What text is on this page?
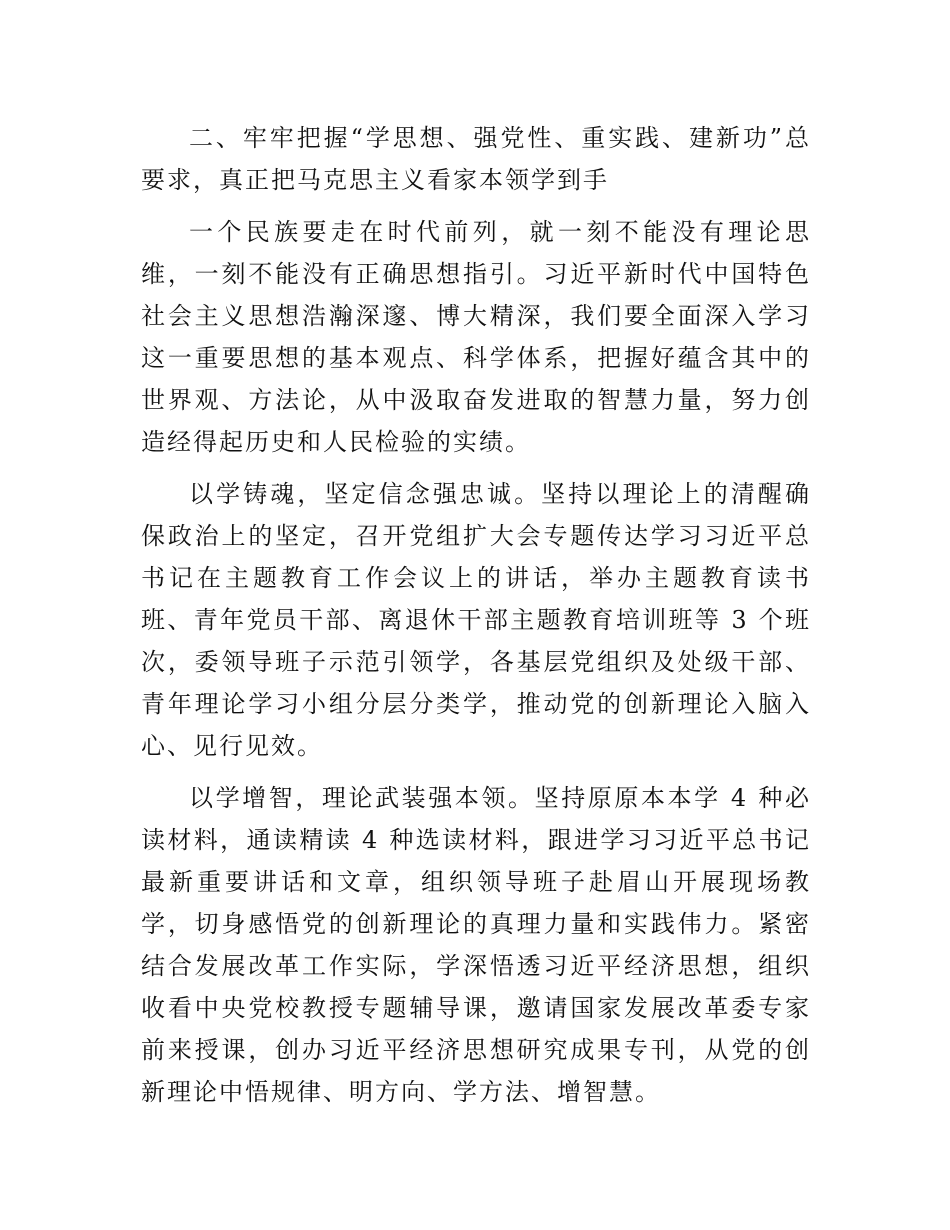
二、牢牢把握“学思想、强党性、重实践、建新功”总要求，真正把马克思主义看家本领学到手

一个民族要走在时代前列，就一刻不能没有理论思维，一刻不能没有正确思想指引。习近平新时代中国特色社会主义思想浩瀚深邃、博大精深，我们要全面深入学习这一重要思想的基本观点、科学体系，把握好蕴含其中的世界观、方法论，从中汲取奋发进取的智慧力量，努力创造经得起历史和人民检验的实绩。

以学铸魂，坚定信念强忠诚。坚持以理论上的清醒确保政治上的坚定，召开党组扩大会专题传达学习习近平总书记在主题教育工作会议上的讲话，举办主题教育读书班、青年党员干部、离退休干部主题教育培训班等 3 个班次，委领导班子示范引领学，各基层党组织及处级干部、青年理论学习小组分层分类学，推动党的创新理论入脑入心、见行见效。

以学增智，理论武装强本领。坚持原原本本学 4 种必读材料，通读精读 4 种选读材料，跟进学习习近平总书记最新重要讲话和文章，组织领导班子赴眉山开展现场教学，切身感悟党的创新理论的真理力量和实践伟力。紧密结合发展改革工作实际，学深悟透习近平经济思想，组织收看中央党校教授专题辅导课，邀请国家发展改革委专家前来授课，创办习近平经济思想研究成果专刊，从党的创新理论中悟规律、明方向、学方法、增智慧。
